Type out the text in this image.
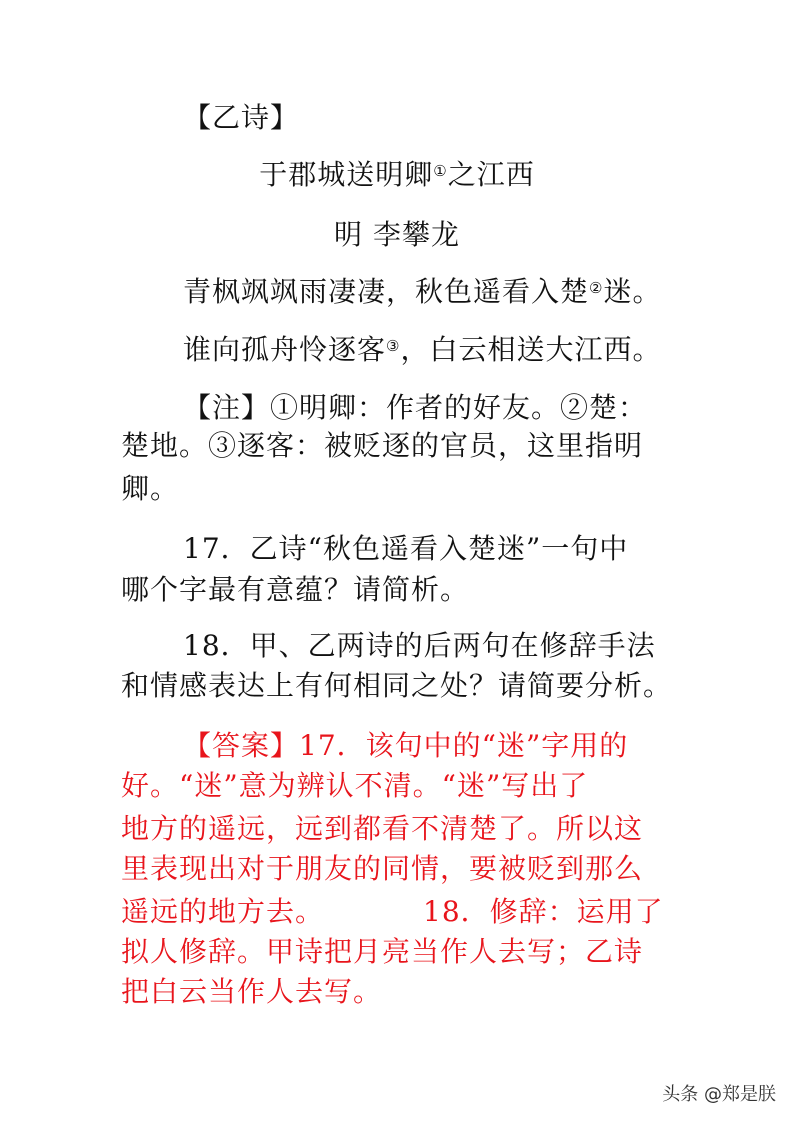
【乙诗】
于郡城送明卿①之江西
明 李攀龙
青枫飒飒雨凄凄，秋色遥看入楚②迷。
谁向孤舟怜逐客③，白云相送大江西。
【注】①明卿：作者的好友。②楚：
楚地。③逐客：被贬逐的官员，这里指明
卿。
17．乙诗“秋色遥看入楚迷”一句中
哪个字最有意蕴？请简析。
18．甲、乙两诗的后两句在修辞手法
和情感表达上有何相同之处？请简要分析。
【答案】17．该句中的“迷”字用的
好。“迷”意为辨认不清。“迷”写出了
地方的遥远，远到都看不清楚了。所以这
里表现出对于朋友的同情，要被贬到那么
遥远的地方去。          18．修辞：运用了
拟人修辞。甲诗把月亮当作人去写；乙诗
把白云当作人去写。
头条 @郑是朕
